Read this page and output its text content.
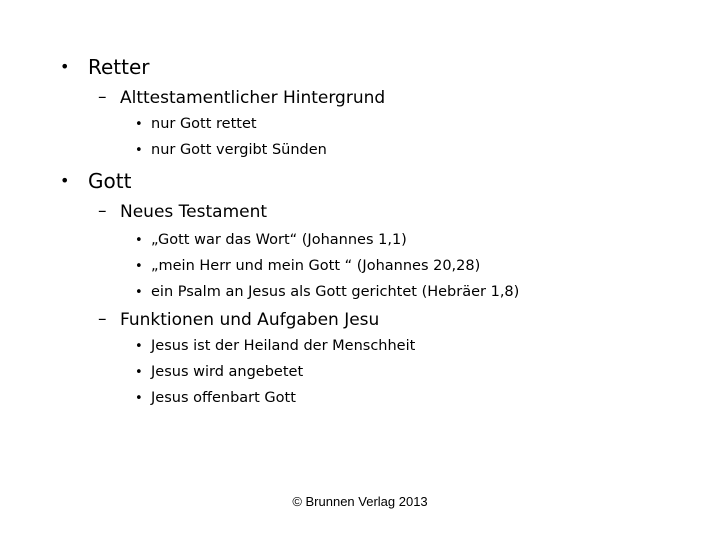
• Retter
– Alttestamentlicher Hintergrund
• nur Gott rettet
• nur Gott vergibt Sünden
• Gott
– Neues Testament
• „Gott war das Wort“ (Johannes 1,1)
• „mein Herr und mein Gott “ (Johannes 20,28)
• ein Psalm an Jesus als Gott gerichtet (Hebräer 1,8)
– Funktionen und Aufgaben Jesu
• Jesus ist der Heiland der Menschheit
• Jesus wird angebetet
• Jesus offenbart Gott
© Brunnen Verlag 2013
